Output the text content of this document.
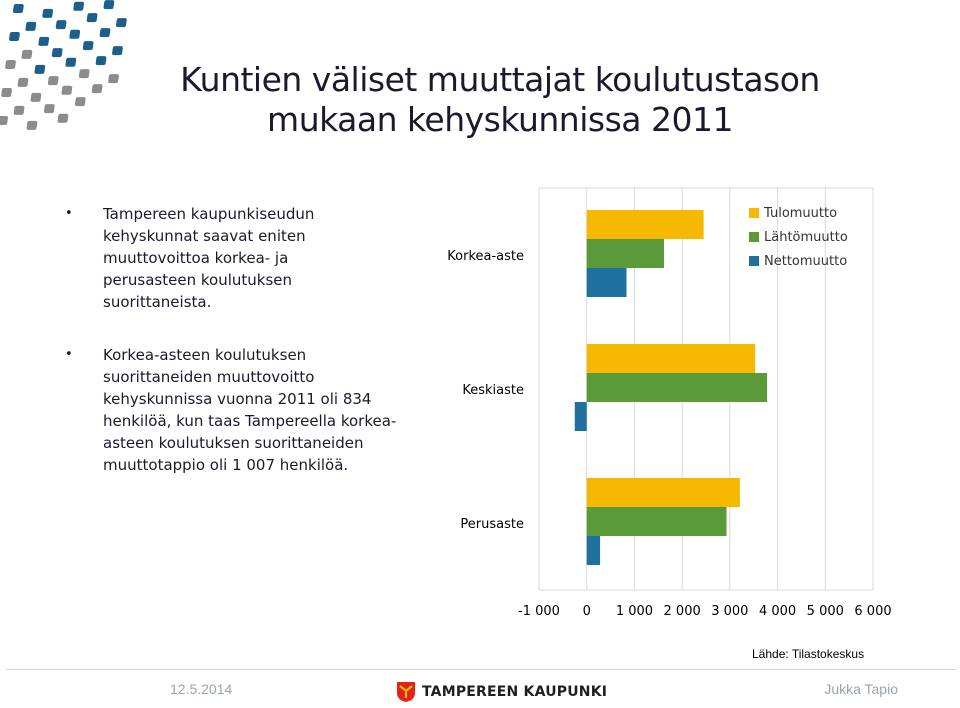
Kuntien väliset muuttajat koulutustason
mukaan kehyskunnissa 2011
• Tampereen kaupunkiseudun kehyskunnat saavat eniten muuttovoittoa korkea- ja perusasteen koulutuksen suorittaneista.
• Korkea-asteen koulutuksen suorittaneiden muuttovoitto kehyskunnissa vuonna 2011 oli 834 henkilöä, kun taas Tampereella korkea-asteen koulutuksen suorittaneiden muuttotappio oli 1 007 henkilöä.
-1 000 0 1 000 2 000 3 000 4 000 5 000 6 000
Korkea-aste
Keskiaste
Perusaste
Tulomuutto
Lähtömuutto
Nettomuutto
Lähde: Tilastokeskus
12.5.2014	TAMPEREEN KAUPUNKI	Jukka Tapio
